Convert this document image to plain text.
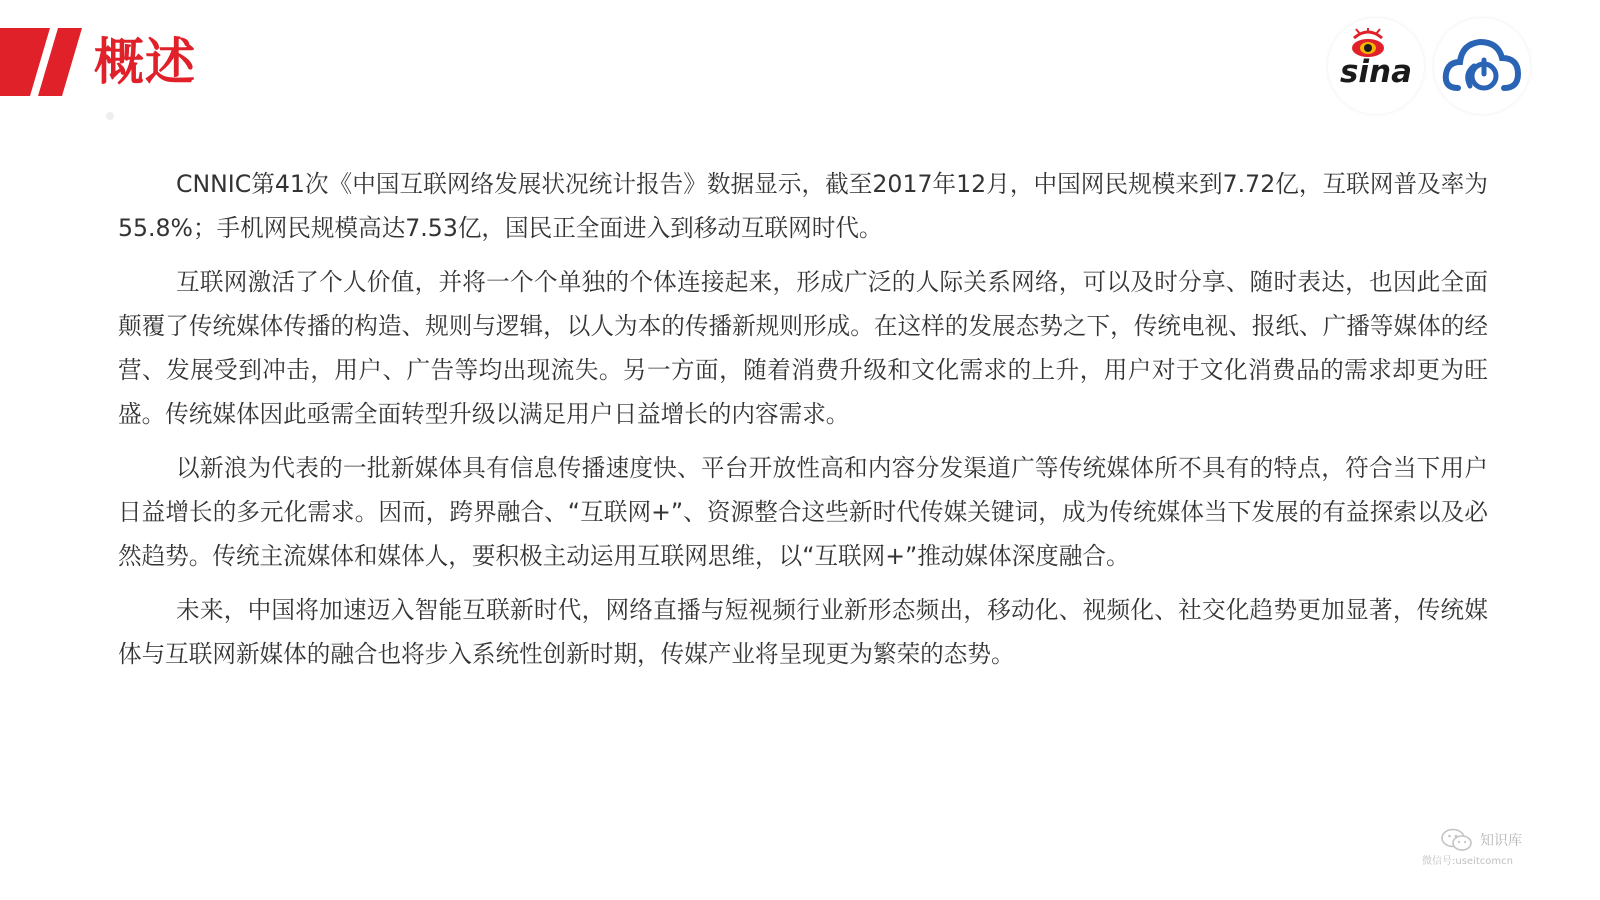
概述	sina

CNNIC第41次《中国互联网络发展状况统计报告》数据显示，截至2017年12月，中国网民规模来到7.72亿，互联网普及率为55.8%；手机网民规模高达7.53亿，国民正全面进入到移动互联网时代。

互联网激活了个人价值，并将一个个单独的个体连接起来，形成广泛的人际关系网络，可以及时分享、随时表达，也因此全面颠覆了传统媒体传播的构造、规则与逻辑，以人为本的传播新规则形成。在这样的发展态势之下，传统电视、报纸、广播等媒体的经营、发展受到冲击，用户、广告等均出现流失。另一方面，随着消费升级和文化需求的上升，用户对于文化消费品的需求却更为旺盛。传统媒体因此亟需全面转型升级以满足用户日益增长的内容需求。

以新浪为代表的一批新媒体具有信息传播速度快、平台开放性高和内容分发渠道广等传统媒体所不具有的特点，符合当下用户日益增长的多元化需求。因而，跨界融合、“互联网+”、资源整合这些新时代传媒关键词，成为传统媒体当下发展的有益探索以及必然趋势。传统主流媒体和媒体人，要积极主动运用互联网思维，以“互联网+”推动媒体深度融合。

未来，中国将加速迈入智能互联新时代，网络直播与短视频行业新形态频出，移动化、视频化、社交化趋势更加显著，传统媒体与互联网新媒体的融合也将步入系统性创新时期，传媒产业将呈现更为繁荣的态势。

知识库
微信号:useitcomcn
